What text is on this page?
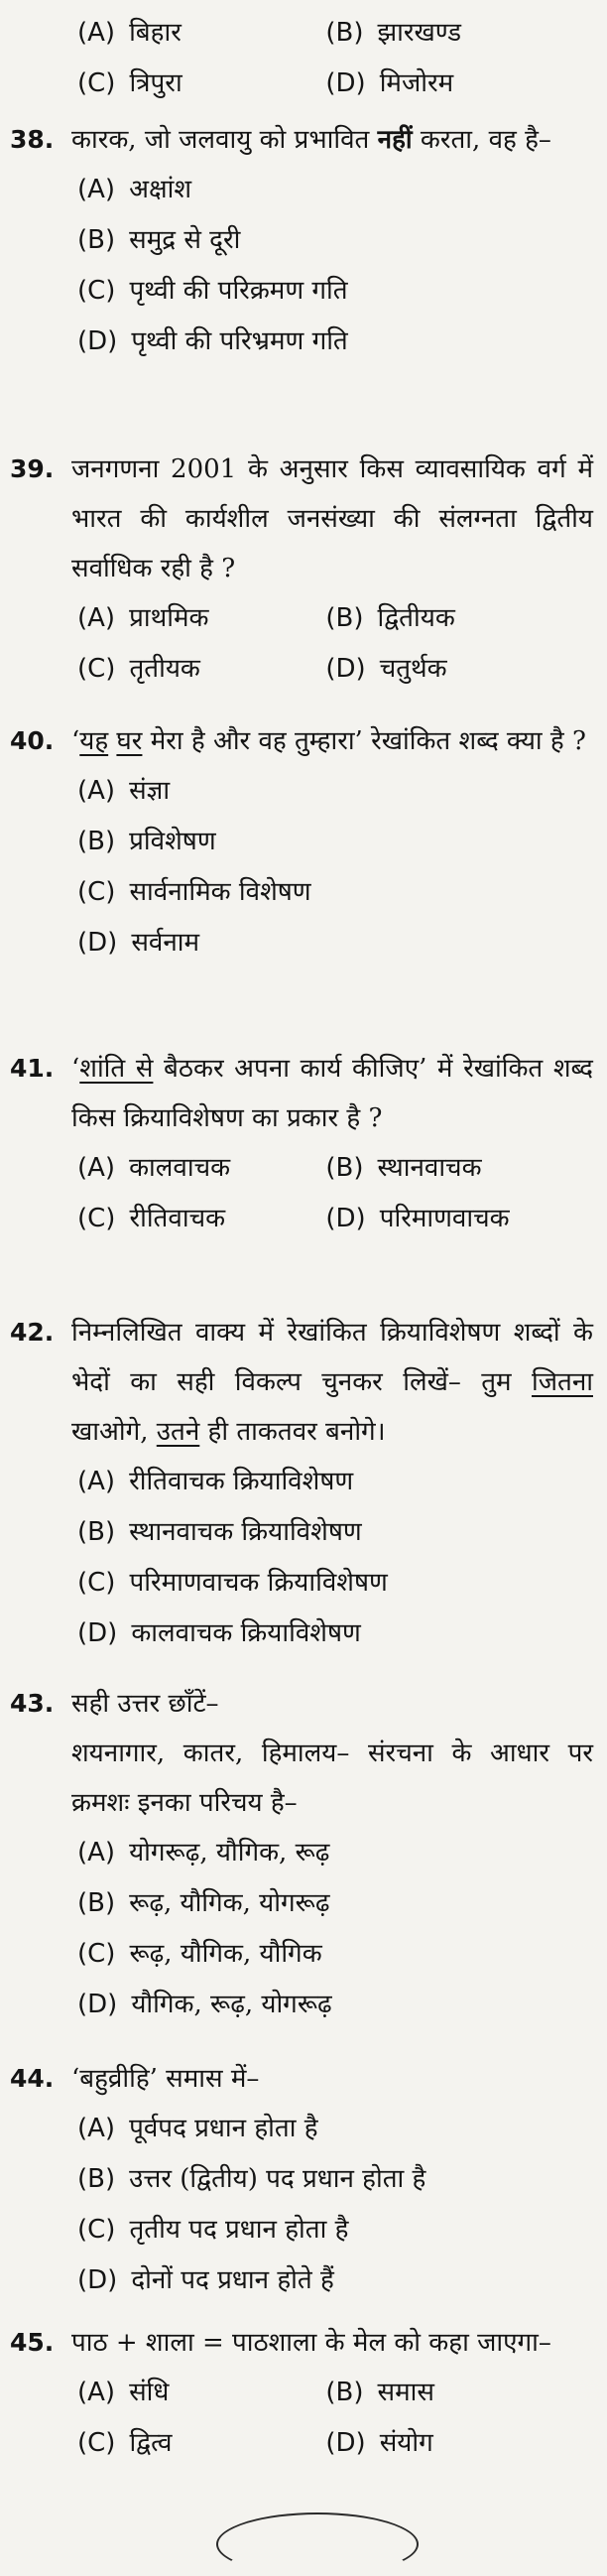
(A) बिहार	(B) झारखण्ड
(C) त्रिपुरा	(D) मिजोरम
38. कारक, जो जलवायु को प्रभावित नहीं करता, वह है–
(A) अक्षांश
(B) समुद्र से दूरी
(C) पृथ्वी की परिक्रमण गति
(D) पृथ्वी की परिभ्रमण गति
39. जनगणना 2001 के अनुसार किस व्यावसायिक वर्ग में भारत की कार्यशील जनसंख्या की संलग्नता द्वितीय सर्वाधिक रही है ?
(A) प्राथमिक	(B) द्वितीयक
(C) तृतीयक	(D) चतुर्थक
40. ‘यह घर मेरा है और वह तुम्हारा’ रेखांकित शब्द क्या है ?
(A) संज्ञा
(B) प्रविशेषण
(C) सार्वनामिक विशेषण
(D) सर्वनाम
41. ‘शांति से बैठकर अपना कार्य कीजिए’ में रेखांकित शब्द किस क्रियाविशेषण का प्रकार है ?
(A) कालवाचक	(B) स्थानवाचक
(C) रीतिवाचक	(D) परिमाणवाचक
42. निम्नलिखित वाक्य में रेखांकित क्रियाविशेषण शब्दों के भेदों का सही विकल्प चुनकर लिखें– तुम जितना खाओगे, उतने ही ताकतवर बनोगे।
(A) रीतिवाचक क्रियाविशेषण
(B) स्थानवाचक क्रियाविशेषण
(C) परिमाणवाचक क्रियाविशेषण
(D) कालवाचक क्रियाविशेषण
43. सही उत्तर छाँटें–
शयनागार, कातर, हिमालय– संरचना के आधार पर क्रमशः इनका परिचय है–
(A) योगरूढ़, यौगिक, रूढ़
(B) रूढ़, यौगिक, योगरूढ़
(C) रूढ़, यौगिक, यौगिक
(D) यौगिक, रूढ़, योगरूढ़
44. ‘बहुव्रीहि’ समास में–
(A) पूर्वपद प्रधान होता है
(B) उत्तर (द्वितीय) पद प्रधान होता है
(C) तृतीय पद प्रधान होता है
(D) दोनों पद प्रधान होते हैं
45. पाठ + शाला = पाठशाला के मेल को कहा जाएगा–
(A) संधि	(B) समास
(C) द्वित्व	(D) संयोग
